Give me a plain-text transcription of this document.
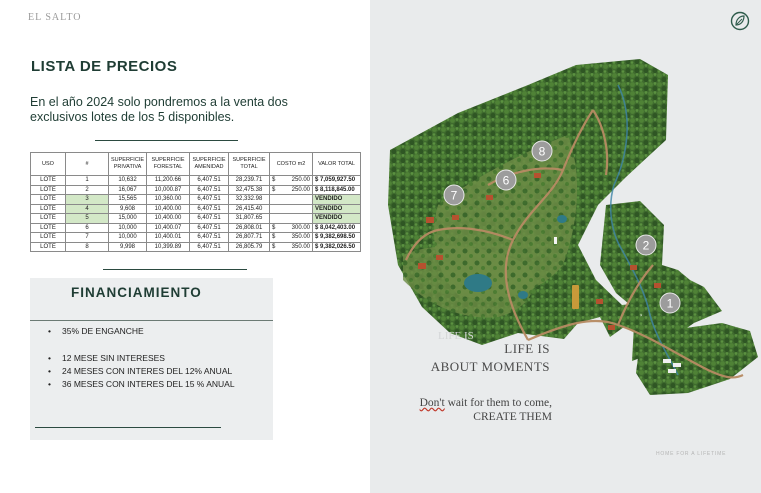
EL SALTO
LISTA DE PRECIOS
En el año 2024 solo pondremos a la venta dos exclusivos lotes de los 5 disponibles.
USO	#	SUPERFICIE PRIVATIVA	SUPERFICIE FORESTAL	SUPERFICIE AMENIDAD	SUPERFICIE TOTAL	COSTO m2	VALOR TOTAL
LOTE	1	10,632	11,200.66	6,407.51	28,239.71	$ 250.00	$ 7,059,927.50
LOTE	2	16,067	10,000.87	6,407.51	32,475.38	$ 250.00	$ 8,118,845.00
LOTE	3	15,565	10,360.00	6,407.51	32,332.98		VENDIDO
LOTE	4	9,608	10,400.00	6,407.51	26,415.40		VENDIDO
LOTE	5	15,000	10,400.00	6,407.51	31,807.65		VENDIDO
LOTE	6	10,000	10,400.07	6,407.51	26,808.01	$ 300.00	$ 8,042,403.00
LOTE	7	10,000	10,400.01	6,407.51	26,807.71	$ 350.00	$ 9,382,698.50
LOTE	8	9,998	10,399.89	6,407.51	26,805.79	$ 350.00	$ 9,382,026.50
FINANCIAMIENTO
• 35% DE ENGANCHE
• 12 MESE SIN INTERESES
• 24 MESES CON INTERES DEL 12% ANUAL
• 36 MESES CON INTERES DEL 15 % ANUAL
1
2
6
7
8
LIFE IS
LIFE IS
ABOUT MOMENTS
Don't wait for them to come,
CREATE THEM
HOME FOR A LIFETIME
